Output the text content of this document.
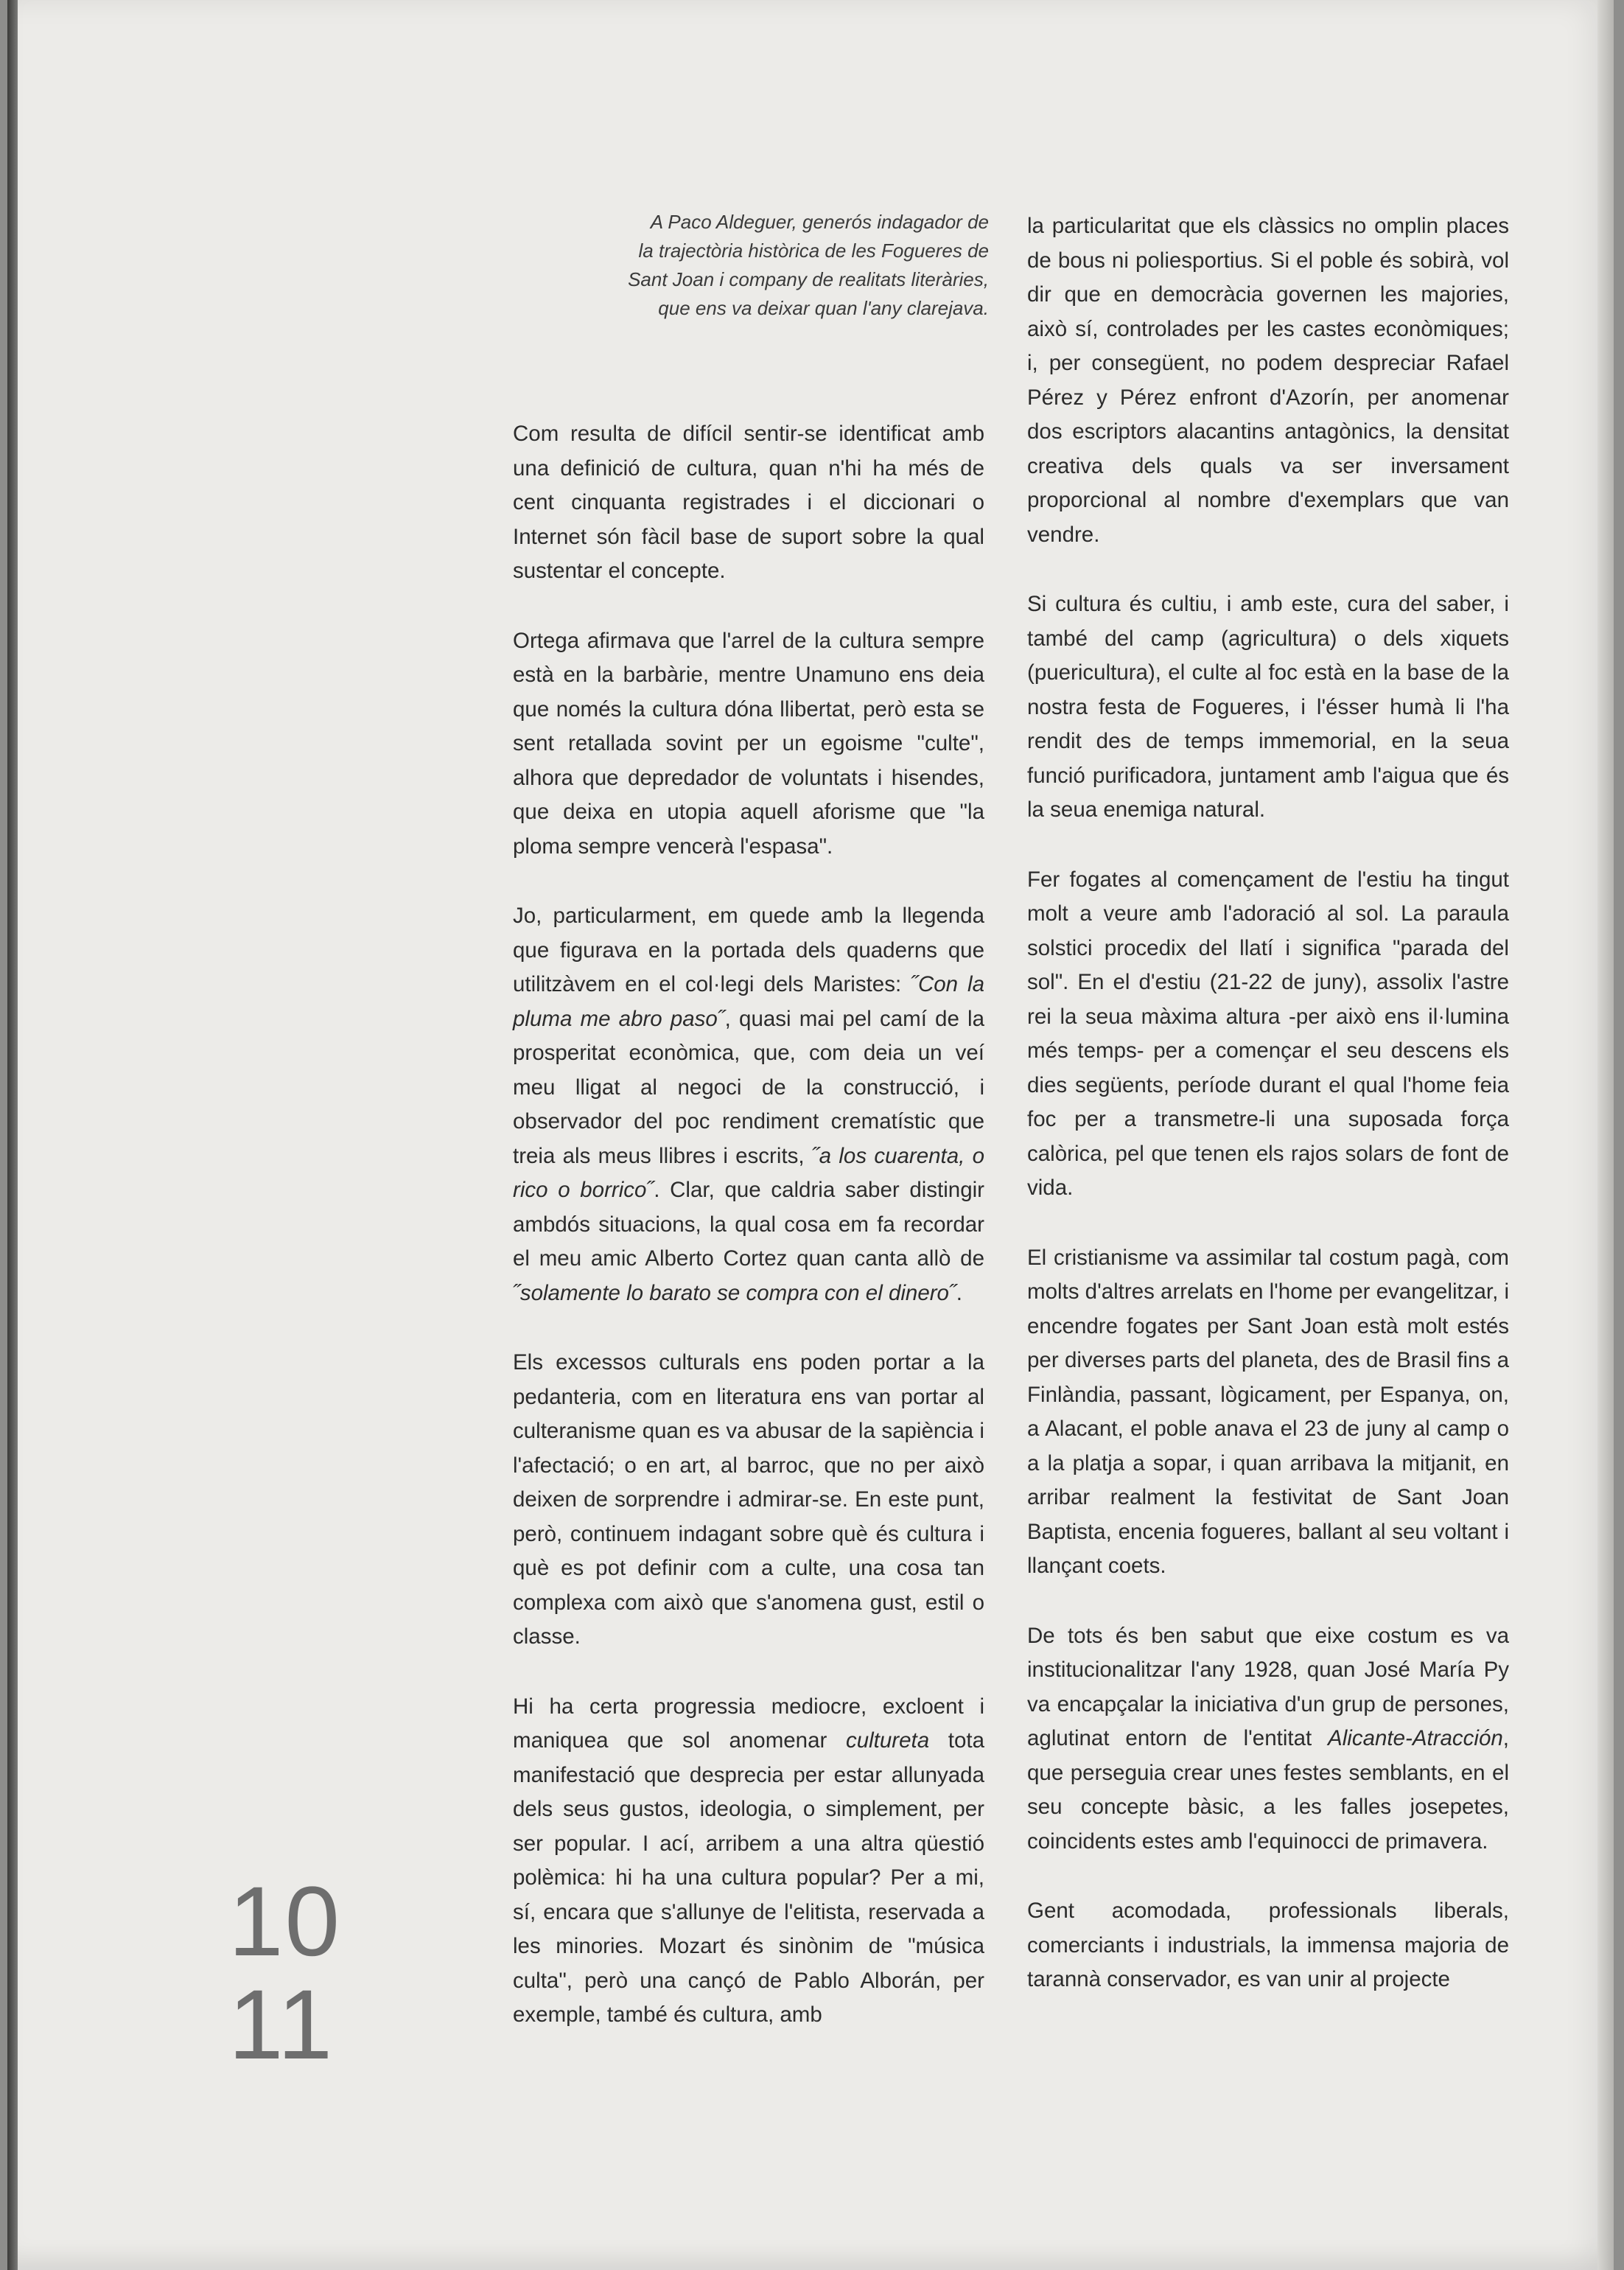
A Paco Aldeguer, generós indagador de
la trajectòria històrica de les Fogueres de
Sant Joan i company de realitats literàries,
que ens va deixar quan l'any clarejava.

Com resulta de difícil sentir-se identificat amb una definició de cultura, quan n'hi ha més de cent cinquanta registrades i el diccionari o Internet són fàcil base de suport sobre la qual sustentar el concepte.

Ortega afirmava que l'arrel de la cultura sempre està en la barbàrie, mentre Unamuno ens deia que només la cultura dóna llibertat, però esta se sent retallada sovint per un egoisme "culte", alhora que depredador de voluntats i hisendes, que deixa en utopia aquell aforisme que "la ploma sempre vencerà l'espasa".

Jo, particularment, em quede amb la llegenda que figurava en la portada dels quaderns que utilitzàvem en el col·legi dels Maristes: ˝Con la pluma me abro paso˝, quasi mai pel camí de la prosperitat econòmica, que, com deia un veí meu lligat al negoci de la construcció, i observador del poc rendiment crematístic que treia als meus llibres i escrits, ˝a los cuarenta, o rico o borrico˝. Clar, que caldria saber distingir ambdós situacions, la qual cosa em fa recordar el meu amic Alberto Cortez quan canta allò de ˝solamente lo barato se compra con el dinero˝.

Els excessos culturals ens poden portar a la pedanteria, com en literatura ens van portar al culteranisme quan es va abusar de la sapiència i l'afectació; o en art, al barroc, que no per això deixen de sorprendre i admirar-se. En este punt, però, continuem indagant sobre què és cultura i què es pot definir com a culte, una cosa tan complexa com això que s'anomena gust, estil o classe.

Hi ha certa progressia mediocre, excloent i maniquea que sol anomenar cultureta tota manifestació que desprecia per estar allunyada dels seus gustos, ideologia, o simplement, per ser popular. I ací, arribem a una altra qüestió polèmica: hi ha una cultura popular? Per a mi, sí, encara que s'allunye de l'elitista, reservada a les minories. Mozart és sinònim de "música culta", però una cançó de Pablo Alborán, per exemple, també és cultura, amb

la particularitat que els clàssics no omplin places de bous ni poliesportius. Si el poble és sobirà, vol dir que en democràcia governen les majories, això sí, controlades per les castes econòmiques; i, per consegüent, no podem despreciar Rafael Pérez y Pérez enfront d'Azorín, per anomenar dos escriptors alacantins antagònics, la densitat creativa dels quals va ser inversament proporcional al nombre d'exemplars que van vendre.

Si cultura és cultiu, i amb este, cura del saber, i també del camp (agricultura) o dels xiquets (puericultura), el culte al foc està en la base de la nostra festa de Fogueres, i l'ésser humà li l'ha rendit des de temps immemorial, en la seua funció purificadora, juntament amb l'aigua que és la seua enemiga natural.

Fer fogates al començament de l'estiu ha tingut molt a veure amb l'adoració al sol. La paraula solstici procedix del llatí i significa "parada del sol". En el d'estiu (21-22 de juny), assolix l'astre rei la seua màxima altura -per això ens il·lumina més temps- per a començar el seu descens els dies següents, període durant el qual l'home feia foc per a transmetre-li una suposada força calòrica, pel que tenen els rajos solars de font de vida.

El cristianisme va assimilar tal costum pagà, com molts d'altres arrelats en l'home per evangelitzar, i encendre fogates per Sant Joan està molt estés per diverses parts del planeta, des de Brasil fins a Finlàndia, passant, lògicament, per Espanya, on, a Alacant, el poble anava el 23 de juny al camp o a la platja a sopar, i quan arribava la mitjanit, en arribar realment la festivitat de Sant Joan Baptista, encenia fogueres, ballant al seu voltant i llançant coets.

De tots és ben sabut que eixe costum es va institucionalitzar l'any 1928, quan José María Py va encapçalar la iniciativa d'un grup de persones, aglutinat entorn de l'entitat Alicante-Atracción, que perseguia crear unes festes semblants, en el seu concepte bàsic, a les falles josepetes, coincidents estes amb l'equinocci de primavera.

Gent acomodada, professionals liberals, comerciants i industrials, la immensa majoria de tarannà conservador, es van unir al projecte

10
11
